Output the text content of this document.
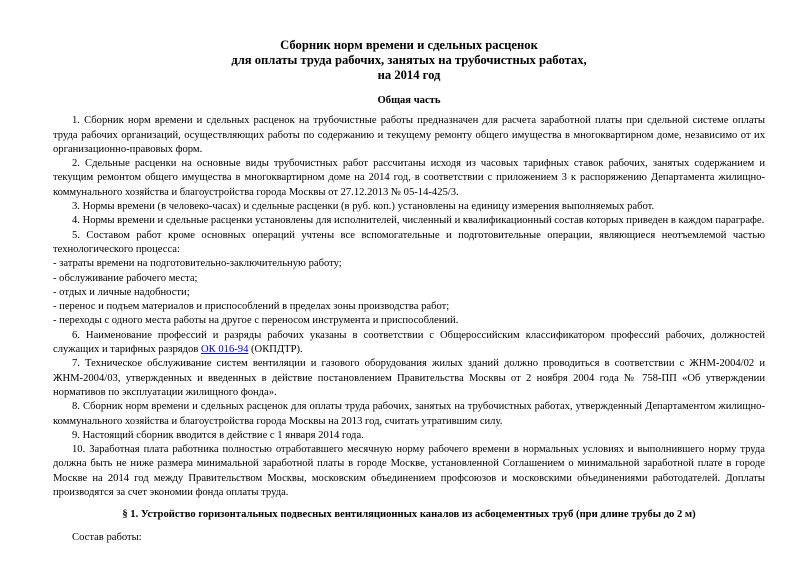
Сборник норм времени и сдельных расценок

для оплаты труда рабочих, занятых на трубочистных работах,

на 2014 год

Общая часть

1. Сборник норм времени и сдельных расценок на трубочистные работы предназначен для расчета заработной платы при сдельной системе оплаты труда рабочих организаций, осуществляющих работы по содержанию и текущему ремонту общего имущества в многоквартирном доме, независимо от их организационно-правовых форм.

2. Сдельные расценки на основные виды трубочистных работ рассчитаны исходя из часовых тарифных ставок рабочих, занятых содержанием и текущим ремонтом общего имущества в многоквартирном доме на 2014 год, в соответствии с приложением 3 к распоряжению Департамента жилищно-коммунального хозяйства и благоустройства города Москвы от 27.12.2013 № 05-14-425/3.

3. Нормы времени (в человеко-часах) и сдельные расценки (в руб. коп.) установлены на единицу измерения выполняемых работ.

4. Нормы времени и сдельные расценки установлены для исполнителей, численный и квалификационный состав которых приведен в каждом параграфе.

5. Составом работ кроме основных операций учтены все вспомогательные и подготовительные операции, являющиеся неотъемлемой частью технологического процесса:

- затраты времени на подготовительно-заключительную работу;

- обслуживание рабочего места;

- отдых и личные надобности;

- перенос и подъем материалов и приспособлений в пределах зоны производства работ;

- переходы с одного места работы на другое с переносом инструмента и приспособлений.

6. Наименование профессий и разряды рабочих указаны в соответствии с Общероссийским классификатором профессий рабочих, должностей служащих и тарифных разрядов ОК 016-94 (ОКПДТР).

7. Техническое обслуживание систем вентиляции и газового оборудования жилых зданий должно проводиться в соответствии с ЖНМ-2004/02 и ЖНМ-2004/03, утвержденных и введенных в действие постановлением Правительства Москвы от 2 ноября 2004 года № 758-ПП «Об утверждении нормативов по эксплуатации жилищного фонда».

8. Сборник норм времени и сдельных расценок для оплаты труда рабочих, занятых на трубочистных работах, утвержденный Департаментом жилищно-коммунального хозяйства и благоустройства города Москвы на 2013 год, считать утратившим силу.

9. Настоящий сборник вводится в действие с 1 января 2014 года.

10. Заработная плата работника полностью отработавшего месячную норму рабочего времени в нормальных условиях и выполнившего норму труда должна быть не ниже размера минимальной заработной платы в городе Москве, установленной Соглашением о минимальной заработной плате в городе Москве на 2014 год между Правительством Москвы, московским объединением профсоюзов и московскими объединениями работодателей. Доплаты производятся за счет экономии фонда оплаты труда.

§ 1. Устройство горизонтальных подвесных вентиляционных каналов из асбоцементных труб (при длине трубы до 2 м)

Состав работы:
